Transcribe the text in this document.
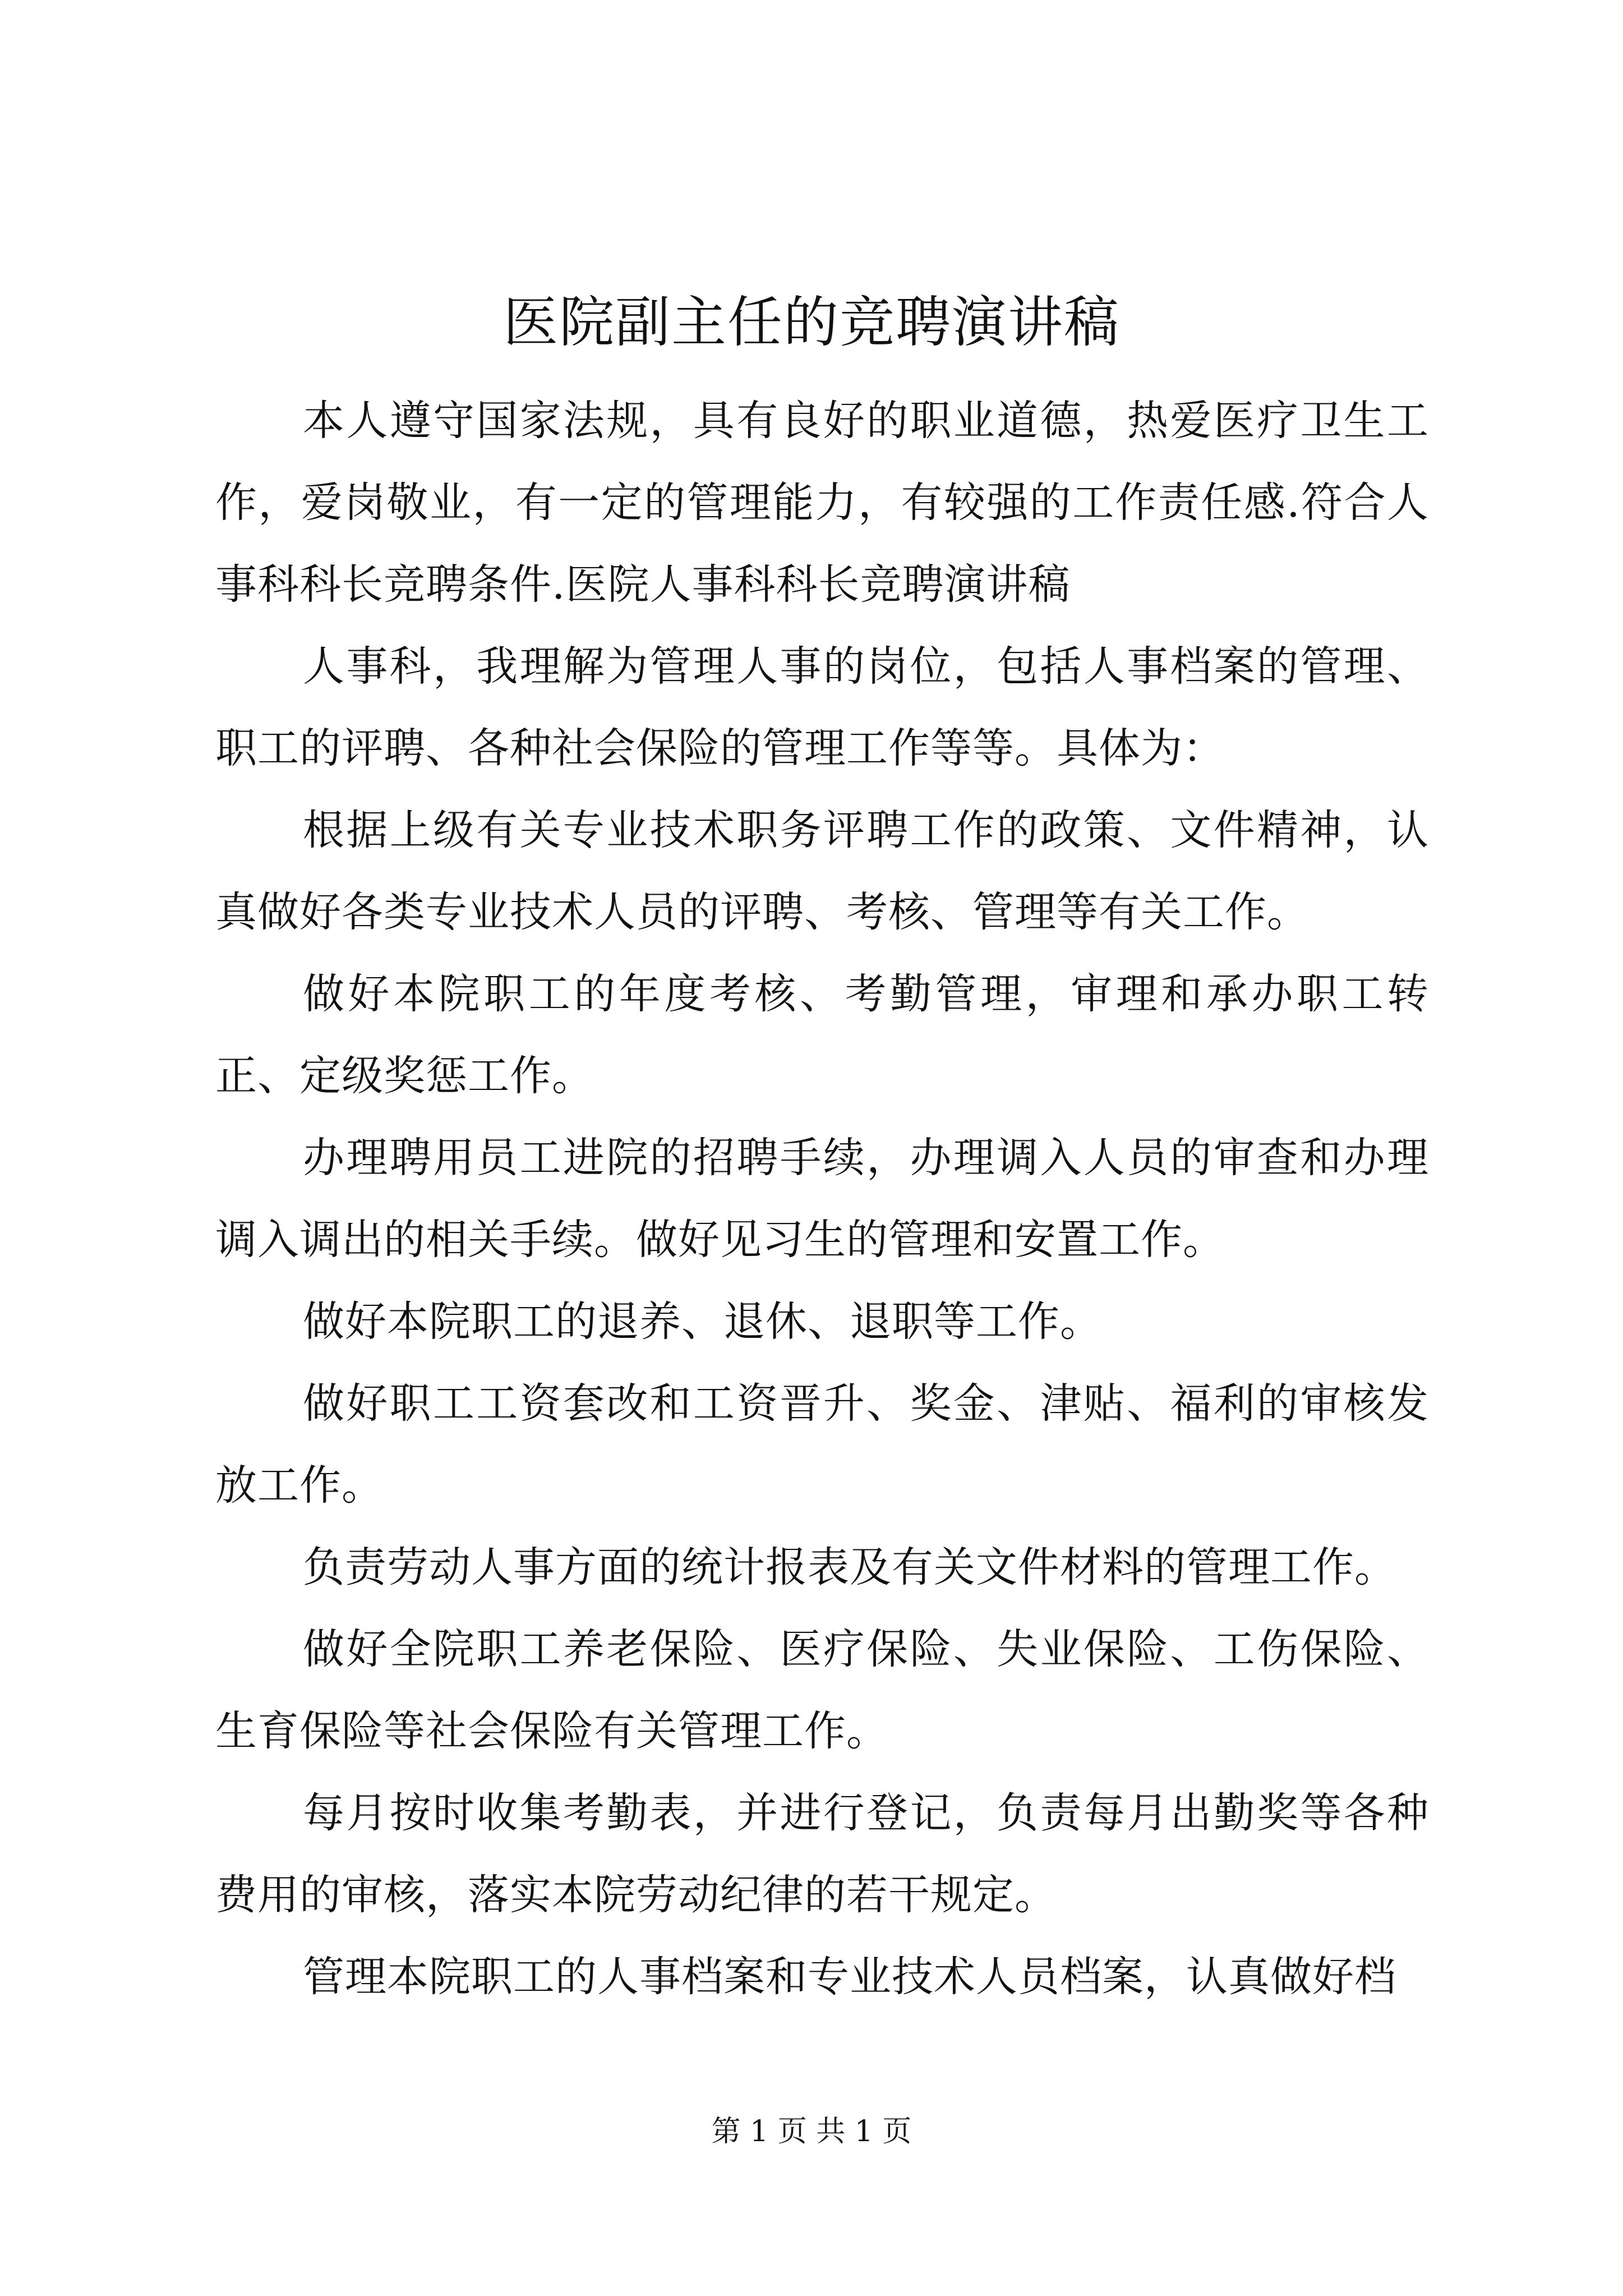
医院副主任的竞聘演讲稿

本人遵守国家法规，具有良好的职业道德，热爱医疗卫生工作，爱岗敬业，有一定的管理能力，有较强的工作责任感.符合人事科科长竞聘条件.医院人事科科长竞聘演讲稿

人事科，我理解为管理人事的岗位，包括人事档案的管理、职工的评聘、各种社会保险的管理工作等等。具体为：

根据上级有关专业技术职务评聘工作的政策、文件精神，认真做好各类专业技术人员的评聘、考核、管理等有关工作。

做好本院职工的年度考核、考勤管理，审理和承办职工转正、定级奖惩工作。

办理聘用员工进院的招聘手续，办理调入人员的审查和办理调入调出的相关手续。做好见习生的管理和安置工作。

做好本院职工的退养、退休、退职等工作。

做好职工工资套改和工资晋升、奖金、津贴、福利的审核发放工作。

负责劳动人事方面的统计报表及有关文件材料的管理工作。

做好全院职工养老保险、医疗保险、失业保险、工伤保险、生育保险等社会保险有关管理工作。

每月按时收集考勤表，并进行登记，负责每月出勤奖等各种费用的审核，落实本院劳动纪律的若干规定。

管理本院职工的人事档案和专业技术人员档案，认真做好档

第 1 页 共 1 页
